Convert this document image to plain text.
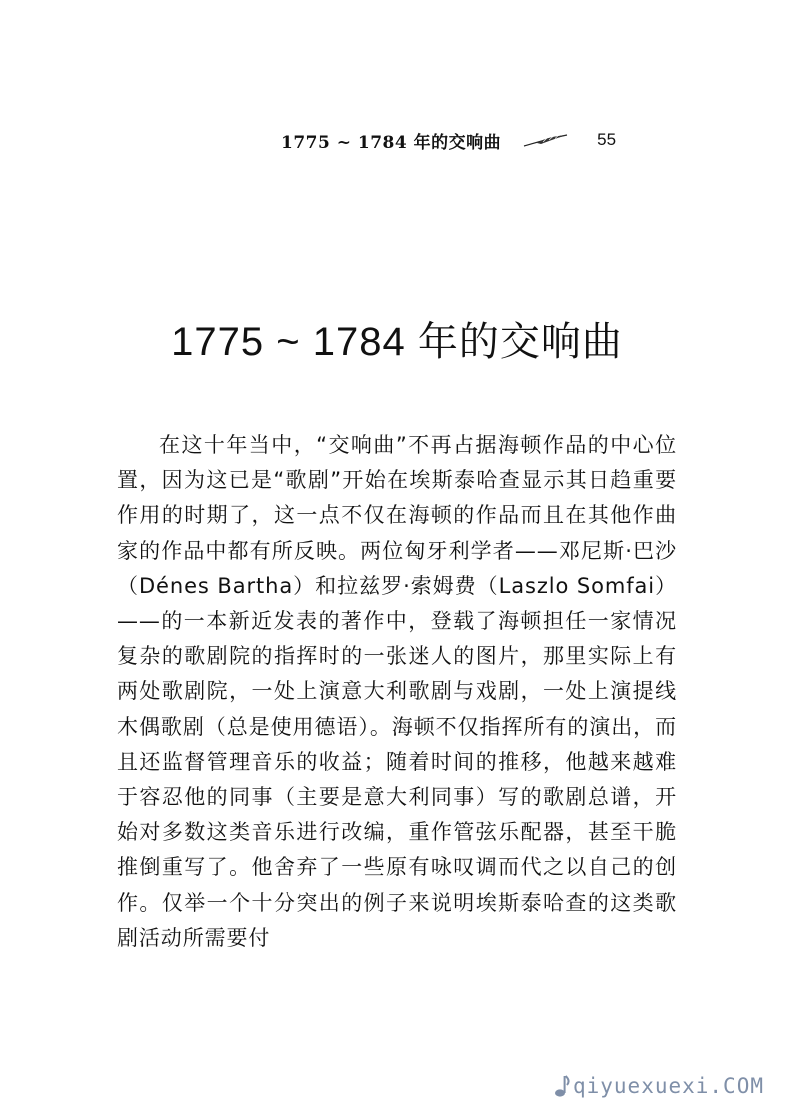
1775 ~ 1784 年的交响曲	55
1775 ~ 1784 年的交响曲

在这十年当中，“交响曲”不再占据海顿作品的中心位置，因为这已是“歌剧”开始在埃斯泰哈查显示其日趋重要作用的时期了，这一点不仅在海顿的作品而且在其他作曲家的作品中都有所反映。两位匈牙利学者——邓尼斯·巴沙（Dénes Bartha）和拉兹罗·索姆费（Laszlo Somfai）——的一本新近发表的著作中，登载了海顿担任一家情况复杂的歌剧院的指挥时的一张迷人的图片，那里实际上有两处歌剧院，一处上演意大利歌剧与戏剧，一处上演提线木偶歌剧（总是使用德语）。海顿不仅指挥所有的演出，而且还监督管理音乐的收益；随着时间的推移，他越来越难于容忍他的同事（主要是意大利同事）写的歌剧总谱，开始对多数这类音乐进行改编，重作管弦乐配器，甚至干脆推倒重写了。他舍弃了一些原有咏叹调而代之以自己的创作。仅举一个十分突出的例子来说明埃斯泰哈查的这类歌剧活动所需要付

qiyuexuexi.COM
